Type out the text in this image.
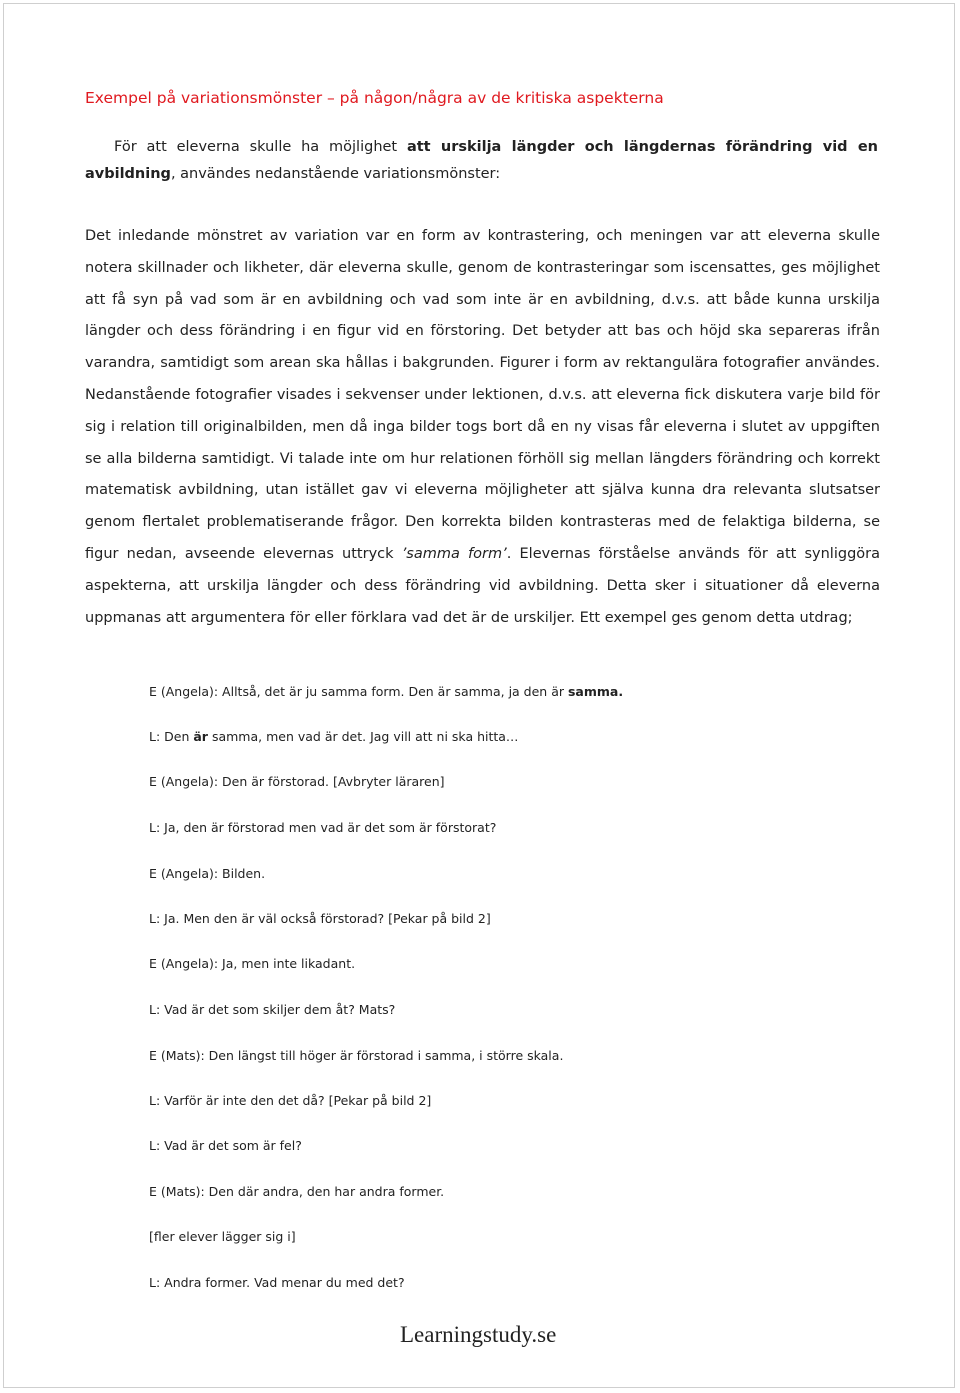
Exempel på variationsmönster – på någon/några av de kritiska aspekterna

För att eleverna skulle ha möjlighet att urskilja längder och längdernas förändring vid en avbildning, användes nedanstående variationsmönster:

Det inledande mönstret av variation var en form av kontrastering, och meningen var att eleverna skulle notera skillnader och likheter, där eleverna skulle, genom de kontrasteringar som iscensattes, ges möjlighet att få syn på vad som är en avbildning och vad som inte är en avbildning, d.v.s. att både kunna urskilja längder och dess förändring i en figur vid en förstoring. Det betyder att bas och höjd ska separeras ifrån varandra, samtidigt som arean ska hållas i bakgrunden. Figurer i form av rektangulära fotografier användes. Nedanstående fotografier visades i sekvenser under lektionen, d.v.s. att eleverna fick diskutera varje bild för sig i relation till originalbilden, men då inga bilder togs bort då en ny visas får eleverna i slutet av uppgiften se alla bilderna samtidigt. Vi talade inte om hur relationen förhöll sig mellan längders förändring och korrekt matematisk avbildning, utan istället gav vi eleverna möjligheter att själva kunna dra relevanta slutsatser genom flertalet problematiserande frågor. Den korrekta bilden kontrasteras med de felaktiga bilderna, se figur nedan, avseende elevernas uttryck ’samma form’. Elevernas förståelse används för att synliggöra aspekterna, att urskilja längder och dess förändring vid avbildning. Detta sker i situationer då eleverna uppmanas att argumentera för eller förklara vad det är de urskiljer. Ett exempel ges genom detta utdrag;

E (Angela): Alltså, det är ju samma form. Den är samma, ja den är samma.
L: Den är samma, men vad är det. Jag vill att ni ska hitta…
E (Angela): Den är förstorad. [Avbryter läraren]
L: Ja, den är förstorad men vad är det som är förstorat?
E (Angela): Bilden.
L: Ja. Men den är väl också förstorad? [Pekar på bild 2]
E (Angela): Ja, men inte likadant.
L: Vad är det som skiljer dem åt? Mats?
E (Mats): Den längst till höger är förstorad i samma, i större skala.
L: Varför är inte den det då? [Pekar på bild 2]
L: Vad är det som är fel?
E (Mats): Den där andra, den har andra former.
[fler elever lägger sig i]
L: Andra former. Vad menar du med det?
Learningstudy.se
